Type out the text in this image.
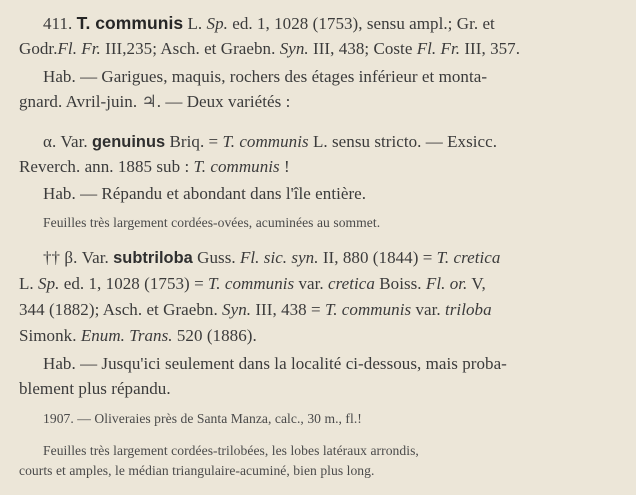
411. T. communis L. Sp. ed. 1, 1028 (1753), sensu ampl.; Gr. et
Godr.Fl. Fr. III,235; Asch. et Graebn. Syn. III, 438; Coste Fl. Fr. III, 357.
Hab. — Garigues, maquis, rochers des étages inférieur et monta-
gnard. Avril-juin. ♃. — Deux variétés :
α. Var. genuinus Briq. = T. communis L. sensu stricto. — Exsicc.
Reverch. ann. 1885 sub : T. communis !
Hab. — Répandu et abondant dans l'île entière.
Feuilles très largement cordées-ovées, acuminées au sommet.
†† β. Var. subtriloba Guss. Fl. sic. syn. II, 880 (1844) = T. cretica
L. Sp. ed. 1, 1028 (1753) = T. communis var. cretica Boiss. Fl. or. V,
344 (1882); Asch. et Graebn. Syn. III, 438 = T. communis var. triloba
Simonk. Enum. Trans. 520 (1886).
Hab. — Jusqu'ici seulement dans la localité ci-dessous, mais proba-
blement plus répandu.
1907. — Oliveraies près de Santa Manza, calc., 30 m., fl.!
Feuilles très largement cordées-trilobées, les lobes latéraux arrondis,
courts et amples, le médian triangulaire-acuminé, bien plus long.
